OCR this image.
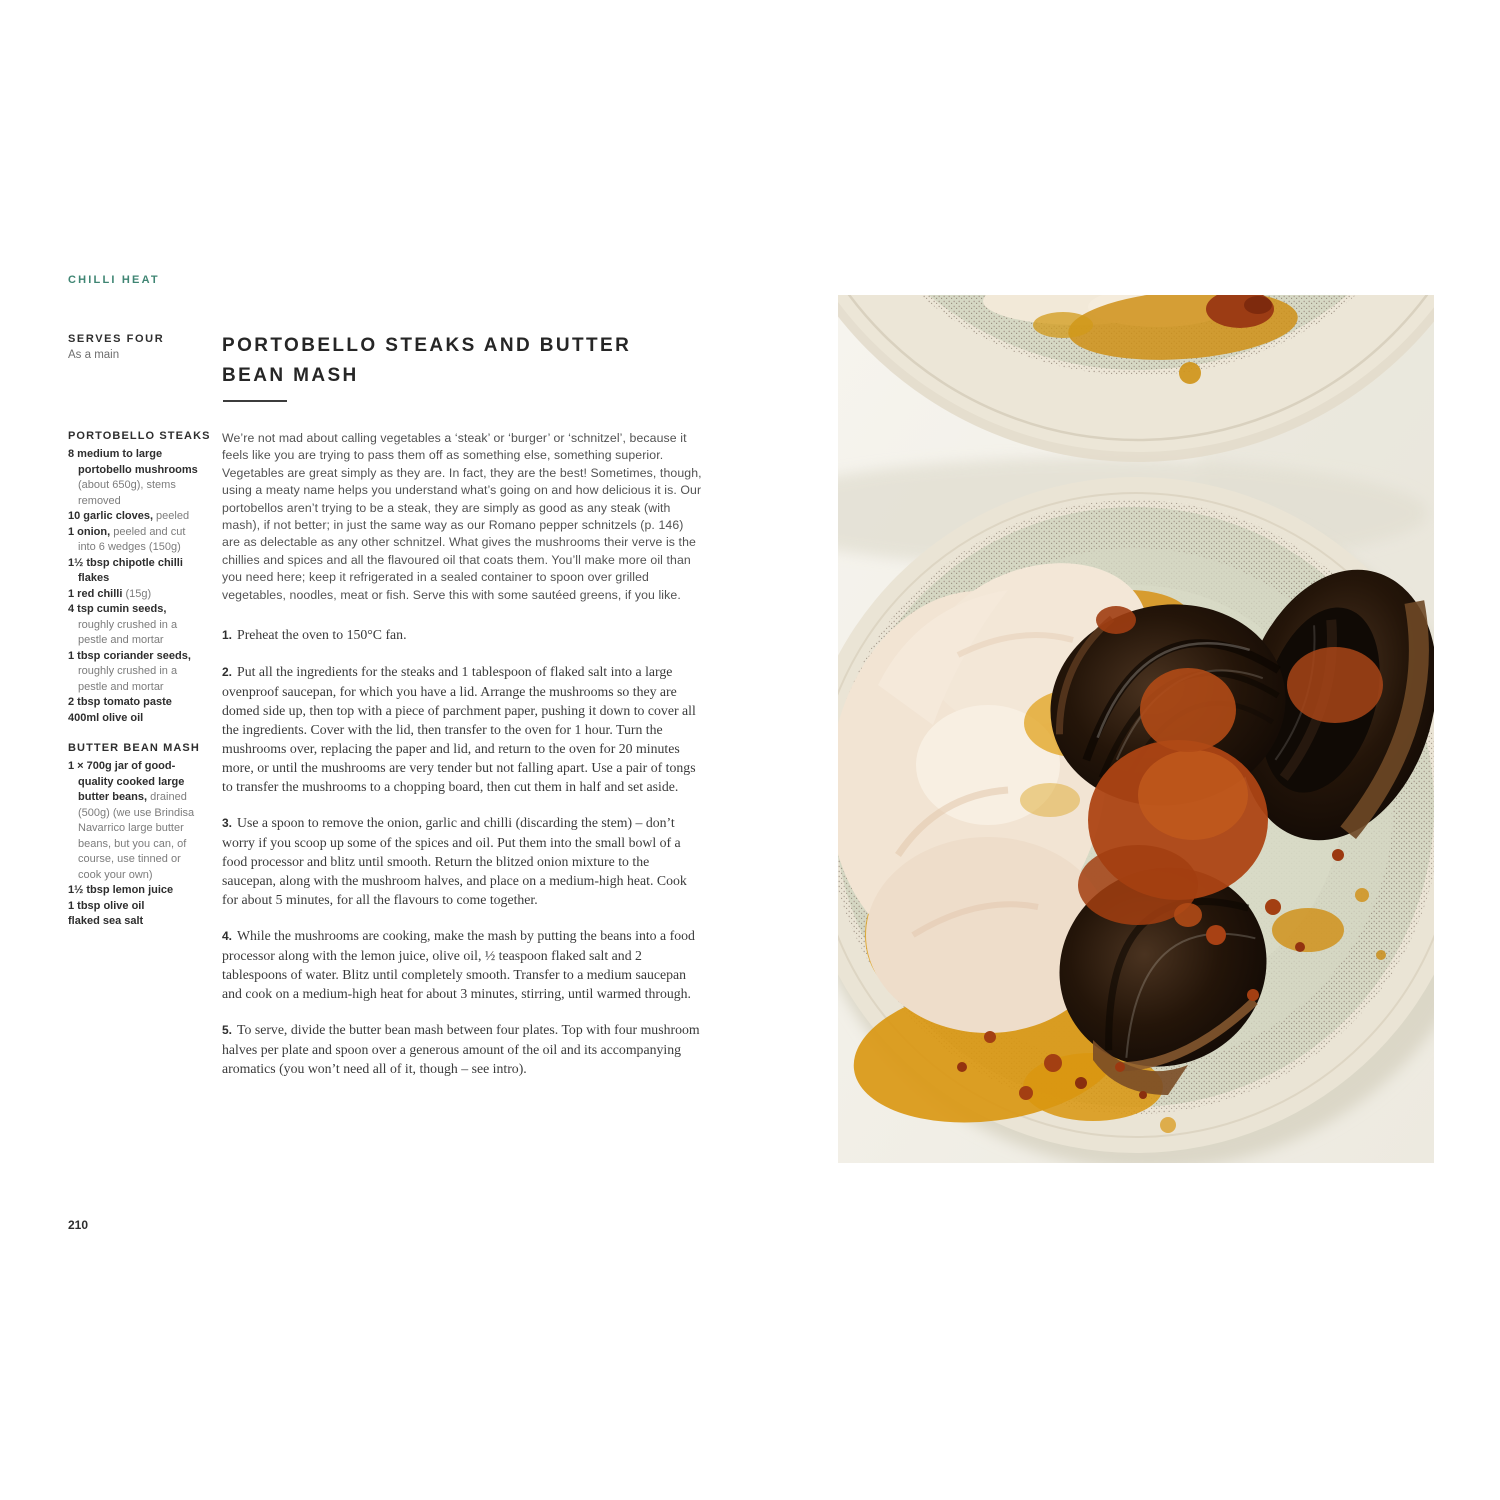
CHILLI HEAT
SERVES FOUR
As a main	PORTOBELLO STEAKS AND BUTTER
BEAN MASH
PORTOBELLO STEAKS
8 medium to large
portobello mushrooms
(about 650g), stems
removed
10 garlic cloves, peeled
1 onion, peeled and cut
into 6 wedges (150g)
1½ tbsp chipotle chilli
flakes
1 red chilli (15g)
4 tsp cumin seeds,
roughly crushed in a
pestle and mortar
1 tbsp coriander seeds,
roughly crushed in a
pestle and mortar
2 tbsp tomato paste
400ml olive oil
BUTTER BEAN MASH
1 × 700g jar of good-
quality cooked large
butter beans, drained
(500g) (we use Brindisa
Navarrico large butter
beans, but you can, of
course, use tinned or
cook your own)
1½ tbsp lemon juice
1 tbsp olive oil
flaked sea salt

We’re not mad about calling vegetables a ‘steak’ or ‘burger’ or ‘schnitzel’, because it feels like you are trying to pass them off as something else, something superior. Vegetables are great simply as they are. In fact, they are the best! Sometimes, though, using a meaty name helps you understand what’s going on and how delicious it is. Our portobellos aren’t trying to be a steak, they are simply as good as any steak (with mash), if not better; in just the same way as our Romano pepper schnitzels (p. 146) are as delectable as any other schnitzel. What gives the mushrooms their verve is the chillies and spices and all the flavoured oil that coats them. You’ll make more oil than you need here; keep it refrigerated in a sealed container to spoon over grilled vegetables, noodles, meat or fish. Serve this with some sautéed greens, if you like.

1. Preheat the oven to 150°C fan.

2. Put all the ingredients for the steaks and 1 tablespoon of flaked salt into a large ovenproof saucepan, for which you have a lid. Arrange the mushrooms so they are domed side up, then top with a piece of parchment paper, pushing it down to cover all the ingredients. Cover with the lid, then transfer to the oven for 1 hour. Turn the mushrooms over, replacing the paper and lid, and return to the oven for 20 minutes more, or until the mushrooms are very tender but not falling apart. Use a pair of tongs to transfer the mushrooms to a chopping board, then cut them in half and set aside.

3. Use a spoon to remove the onion, garlic and chilli (discarding the stem) – don’t worry if you scoop up some of the spices and oil. Put them into the small bowl of a food processor and blitz until smooth. Return the blitzed onion mixture to the saucepan, along with the mushroom halves, and place on a medium-high heat. Cook for about 5 minutes, for all the flavours to come together.

4. While the mushrooms are cooking, make the mash by putting the beans into a food processor along with the lemon juice, olive oil, ½ teaspoon flaked salt and 2 tablespoons of water. Blitz until completely smooth. Transfer to a medium saucepan and cook on a medium-high heat for about 3 minutes, stirring, until warmed through.

5. To serve, divide the butter bean mash between four plates. Top with four mushroom halves per plate and spoon over a generous amount of the oil and its accompanying aromatics (you won’t need all of it, though – see intro).

210
